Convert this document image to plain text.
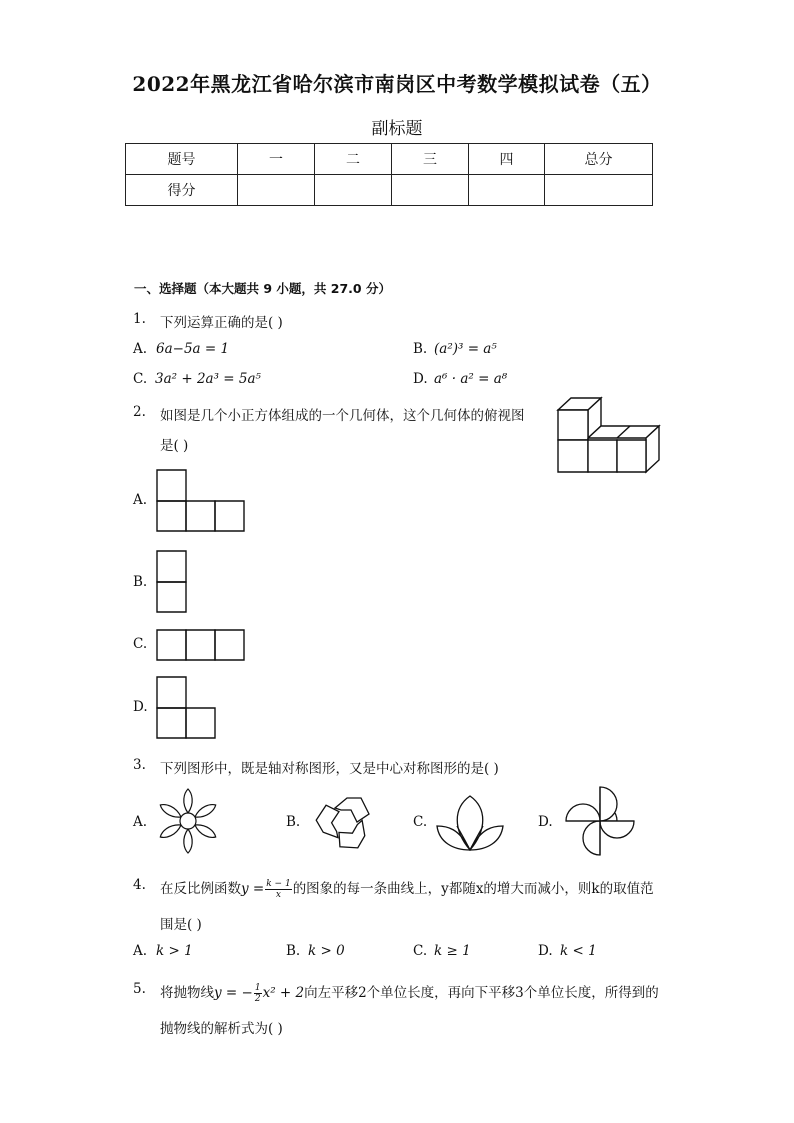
2022年黑龙江省哈尔滨市南岗区中考数学模拟试卷（五）
副标题
题号	一	二	三	四	总分
得分					
一、选择题（本大题共 9 小题，共 27.0 分）
1. 下列运算正确的是( )
A. 6a−5a = 1	B. (a²)³ = a⁵
C. 3a² + 2a³ = 5a⁵	D. a⁶ · a² = a⁸
2. 如图是几个小正方体组成的一个几何体，这个几何体的俯视图
是( )
A.
B.
C.
D.
3. 下列图形中，既是轴对称图形，又是中心对称图形的是( )
A.	B.	C.	D.
4. 在反比例函数$y = \frac{k - 1}{x}$ 的图象的每一条曲线上，y都随x的增大而减小，则k的取值范
围是( )
A. k > 1	B. k > 0	C. k ≥ 1	D. k < 1
5. 将抛物线y = − $\frac{1}{2} x^2 + 2$向左平移2个单位长度，再向下平移3个单位长度，所得到的
抛物线的解析式为( )
